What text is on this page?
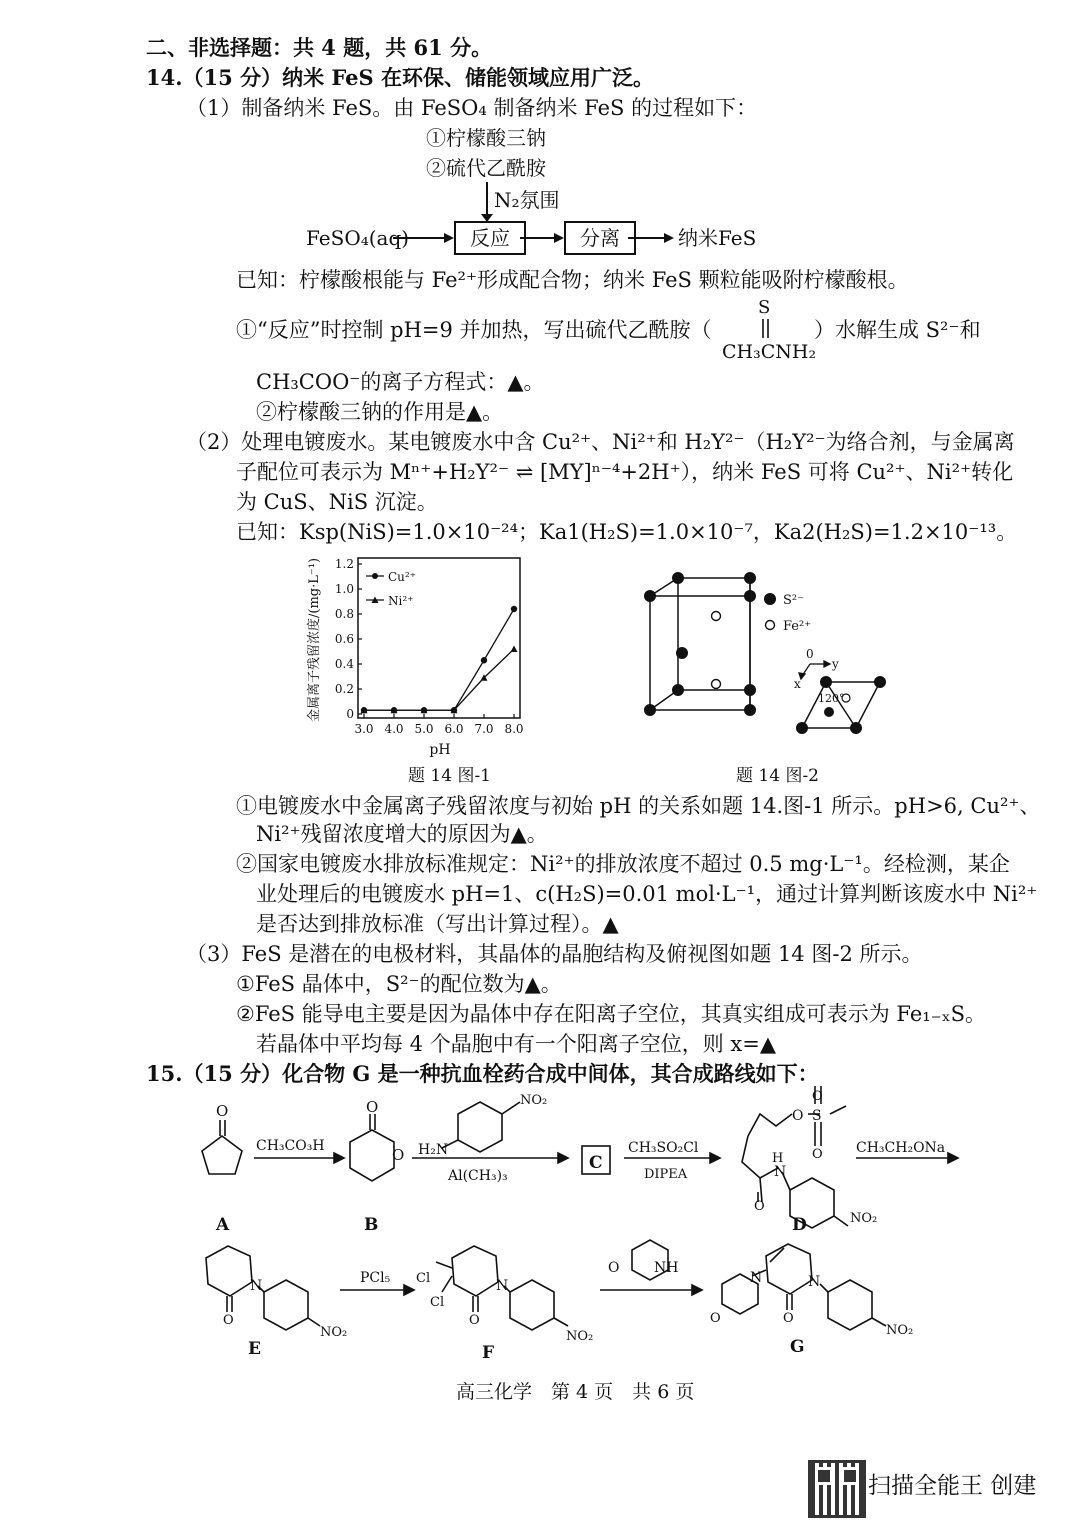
二、非选择题：共 4 题，共 61 分。
14.（15 分）纳米 FeS 在环保、储能领域应用广泛。
（1）制备纳米 FeS。由 FeSO₄ 制备纳米 FeS 的过程如下：
①柠檬酸三钠
②硫代乙酰胺
N₂氛围
FeSO₄(aq)	反应	分离	纳米FeS
已知：柠檬酸根能与 Fe²⁺形成配合物；纳米 FeS 颗粒能吸附柠檬酸根。
①“反应”时控制 pH=9 并加热，写出硫代乙酰胺（
S
CH₃CNH₂
）水解生成 S²⁻和
CH₃COO⁻的离子方程式：▲。
②柠檬酸三钠的作用是▲。
（2）处理电镀废水。某电镀废水中含 Cu²⁺、Ni²⁺和 H₂Y²⁻（H₂Y²⁻为络合剂，与金属离
子配位可表示为 Mⁿ⁺+H₂Y²⁻ ⇌ [MY]ⁿ⁻⁴+2H⁺），纳米 FeS 可将 Cu²⁺、Ni²⁺转化
为 CuS、NiS 沉淀。
已知：Ksp(NiS)=1.0×10⁻²⁴；Ka1(H₂S)=1.0×10⁻⁷，Ka2(H₂S)=1.2×10⁻¹³。
0
0.2
0.4
0.6
0.8
1.0
1.2
3.0 4.0 5.0 6.0 7.0 8.0
Cu²⁺
Ni²⁺
pH
金属离子残留浓度/(mg·L⁻¹)
题 14 图-1
S²⁻
Fe²⁺
0
y
x
120°
题 14 图-2
①电镀废水中金属离子残留浓度与初始 pH 的关系如题 14.图-1 所示。pH>6, Cu²⁺、
Ni²⁺残留浓度增大的原因为▲。
②国家电镀废水排放标准规定：Ni²⁺的排放浓度不超过 0.5 mg·L⁻¹。经检测，某企
业处理后的电镀废水 pH=1、c(H₂S)=0.01 mol·L⁻¹，通过计算判断该废水中 Ni²⁺
是否达到排放标准（写出计算过程）。▲
（3）FeS 是潜在的电极材料，其晶体的晶胞结构及俯视图如题 14 图-2 所示。
①FeS 晶体中，S²⁻的配位数为▲。
②FeS 能导电主要是因为晶体中存在阳离子空位，其真实组成可表示为 Fe₁₋ₓS。
若晶体中平均每 4 个晶胞中有一个阳离子空位，则 x=▲
15.（15 分）化合物 G 是一种抗血栓药合成中间体，其合成路线如下：
O
A
CH₃CO₃H
O
O
B
H₂N
NO₂
Al(CH₃)₃
C
CH₃SO₂Cl
DIPEA
O S
O
O
H
N
O
NO₂
D
CH₃CH₂ONa
N
O
NO₂
E
PCl₅ Cl
Cl
N
O
NO₂
F
O NH
N
N
O	O
NO₂
G
高三化学　第 4 页　共 6 页
扫描全能王 创建
